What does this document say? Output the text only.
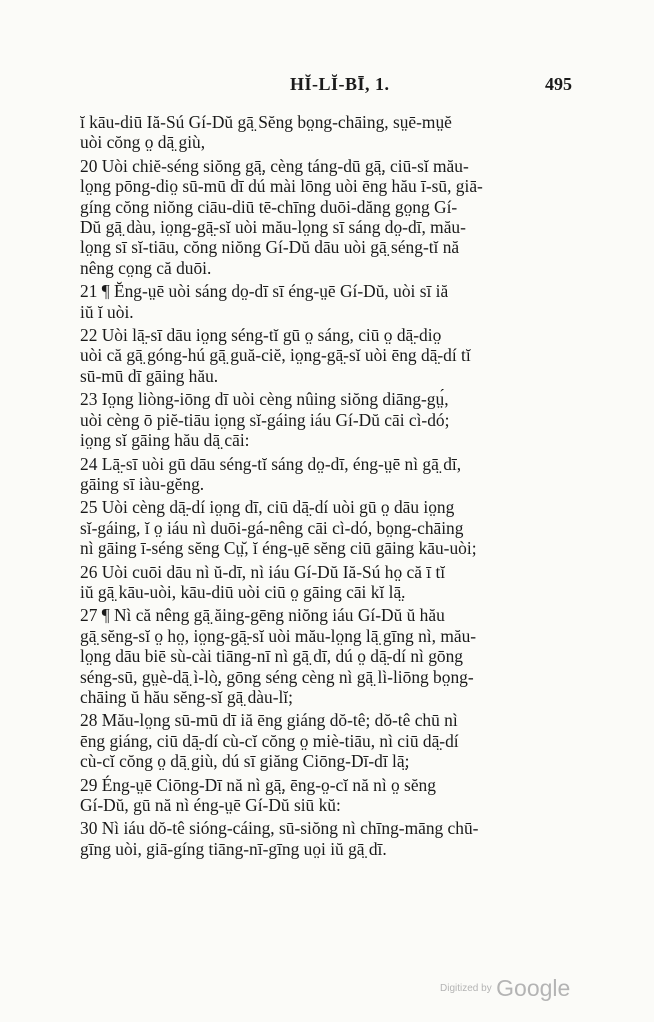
HĬ-LĬ-BĪ, 1.	495

ĭ kāu-diū Iă-Sú Gí-Dŭ gā̤ Sĕng bo̤ng-chāing, sṳē-mṳĕ
uòi cŏng o̤ dā̤ giù,

20 Uòi chiĕ-séng siŏng gā̤, cèng táng-dū gā̤, ciū-sĭ mău-
lo̤ng pōng-dio̤ sū-mū dī dú mài lōng uòi ēng hău ī-sū, giā-
gíng cŏng niŏng ciāu-diū tē-chīng duōi-dăng go̤ng Gí-
Dŭ gā̤ dàu, io̤ng-gā̤-sĭ uòi mău-lo̤ng sī sáng do̤-dī, mău-
lo̤ng sī sĭ-tiāu, cŏng niŏng Gí-Dŭ dāu uòi gā̤ séng-tĭ nă
nêng co̤ng că duōi.

21 ¶ Ĕng-ṳē uòi sáng do̤-dī sī éng-ṳē Gí-Dŭ, uòi sī iă
iŭ ĭ uòi.

22 Uòi lā̤-sī dāu io̤ng séng-tĭ gū o̤ sáng, ciū o̤ dā̤-dio̤
uòi că gā̤ góng-hú gā̤ guă-ciĕ, io̤ng-gā̤-sĭ uòi ēng dā̤-dí tĭ
sū-mū dī gāing hău.

23 Io̤ng liòng-iōng dī uòi cèng nûing siŏng diāng-gṳ́,
uòi cèng ō piĕ-tiāu io̤ng sĭ-gáing iáu Gí-Dŭ cāi cì-dó;
io̤ng sĭ gāing hău dā̤ cāi:

24 Lā̤-sī uòi gū dāu séng-tĭ sáng do̤-dī, éng-ṳē nì gā̤ dī,
gāing sī iàu-gĕng.

25 Uòi cèng dā̤-dí io̤ng dī, ciū dā̤-dí uòi gū o̤ dāu io̤ng
sĭ-gáing, ĭ o̤ iáu nì duōi-gá-nêng cāi cì-dó, bo̤ng-chāing
nì gāing ī-séng sĕng Cṳ̆, ĭ éng-ṳē sĕng ciū gāing kāu-uòi;

26 Uòi cuōi dāu nì ŭ-dī, nì iáu Gí-Dŭ Iă-Sú ho̤ că ī tĭ
iŭ gā̤ kāu-uòi, kāu-diū uòi ciū o̤ gāing cāi kĭ lā̤.

27 ¶ Nì că nêng gā̤ ăing-gēng niŏng iáu Gí-Dŭ ŭ hău
gā̤ sĕng-sĭ o̤ ho̤, io̤ng-gā̤-sĭ uòi mău-lo̤ng lā̤ gīng nì, mău-
lo̤ng dāu biē sù-cài tiāng-nī nì gā̤ dī, dú o̤ dā̤-dí nì gōng
séng-sū, gṳè-dā̤ ì-lò̤, gōng séng cèng nì gā̤ lì-liōng bo̤ng-
chāing ŭ hău sĕng-sĭ gā̤ dàu-lĭ;

28 Mău-lo̤ng sū-mū dī iă ēng giáng dŏ-tê; dŏ-tê chū nì
ēng giáng, ciū dā̤-dí cù-cĭ cŏng o̤ miè-tiāu, nì ciū dā̤-dí
cù-cĭ cŏng o̤ dā̤ giù, dú sī giăng Ciōng-Dī-dī lā̤;

29 Éng-ṳē Ciōng-Dī nă nì gā̤, ēng-o̤-cĭ nă nì o̤ sĕng
Gí-Dŭ, gū nă nì éng-ṳē Gí-Dŭ siū kŭ:

30 Nì iáu dŏ-tê sióng-cáing, sū-siŏng nì chīng-māng chū-
gīng uòi, giā-gíng tiāng-nī-gīng uo̤i iŭ gā̤ dī.

Digitized by Google
